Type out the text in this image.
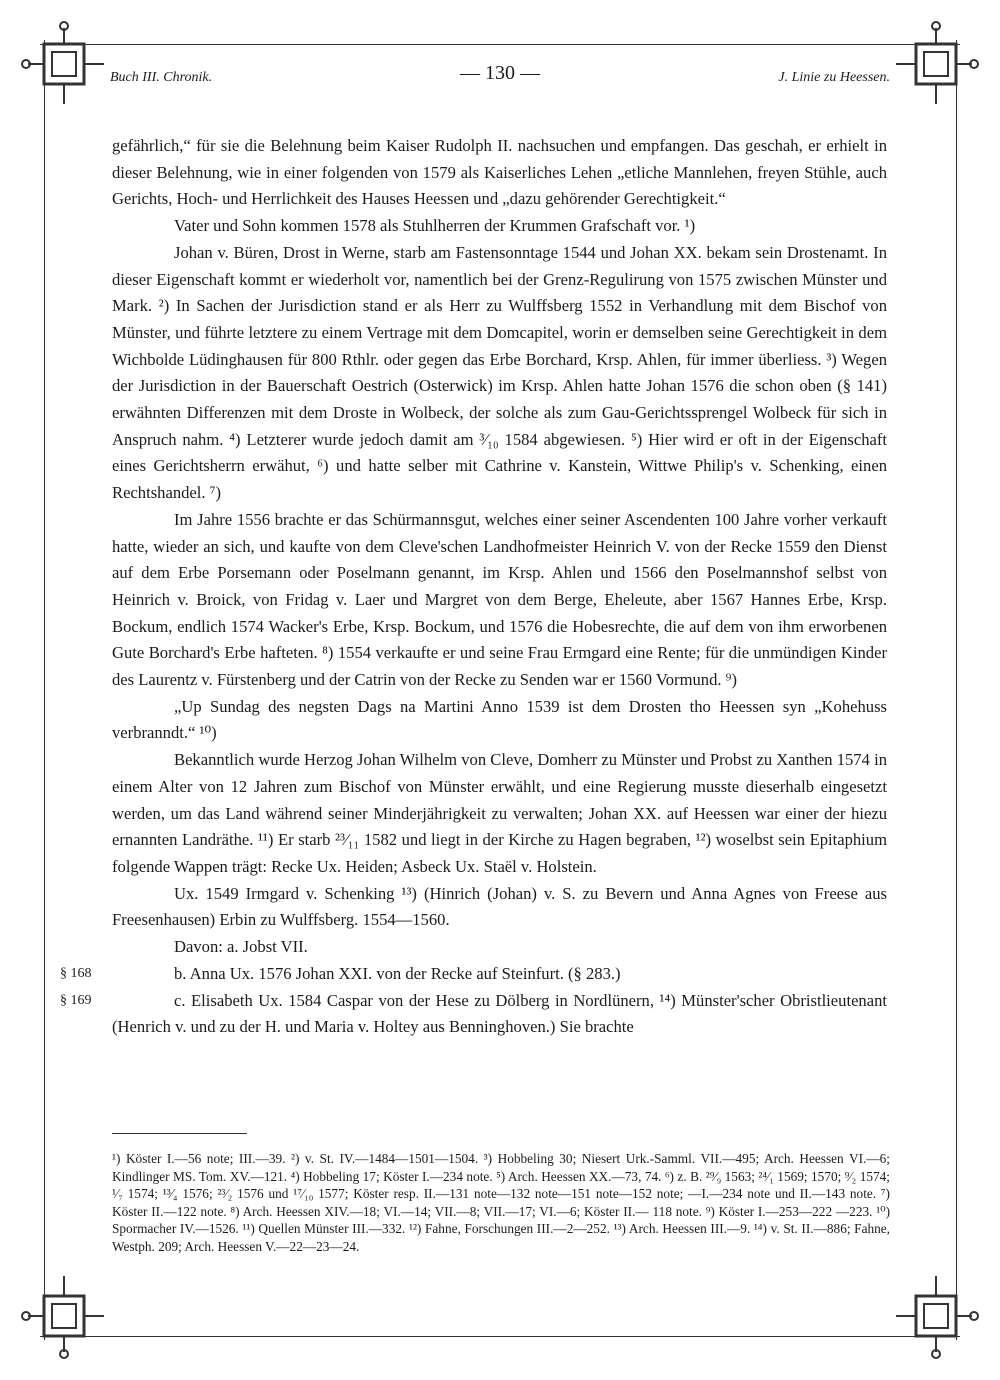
Buch III. Chronik.	— 130 —	J. Linie zu Heessen.

gefährlich,“ für sie die Belehnung beim Kaiser Rudolph II. nachsuchen und empfangen. Das geschah, er erhielt in dieser Belehnung, wie in einer folgenden von 1579 als Kaiserliches Lehen „etliche Mannlehen, freyen Stühle, auch Gerichts, Hoch- und Herrlichkeit des Hauses Heessen und „dazu gehörender Gerechtigkeit.“

Vater und Sohn kommen 1578 als Stuhlherren der Krummen Grafschaft vor. ¹)

Johan v. Büren, Drost in Werne, starb am Fastensonntage 1544 und Johan XX. bekam sein Drostenamt. In dieser Eigenschaft kommt er wiederholt vor, namentlich bei der Grenz-Regulirung von 1575 zwischen Münster und Mark. ²) In Sachen der Jurisdiction stand er als Herr zu Wulffsberg 1552 in Verhandlung mit dem Bischof von Münster, und führte letztere zu einem Vertrage mit dem Domcapitel, worin er demselben seine Gerechtigkeit in dem Wichbolde Lüdinghausen für 800 Rthlr. oder gegen das Erbe Borchard, Krsp. Ahlen, für immer überliess. ³) Wegen der Jurisdiction in der Bauerschaft Oestrich (Osterwick) im Krsp. Ahlen hatte Johan 1576 die schon oben (§ 141) erwähnten Differenzen mit dem Droste in Wolbeck, der solche als zum Gau-Gerichtssprengel Wolbeck für sich in Anspruch nahm. ⁴) Letzterer wurde jedoch damit am ³⁄₁₀ 1584 abgewiesen. ⁵) Hier wird er oft in der Eigenschaft eines Gerichtsherrn erwähut, ⁶) und hatte selber mit Cathrine v. Kanstein, Wittwe Philip's v. Schenking, einen Rechtshandel. ⁷)

Im Jahre 1556 brachte er das Schürmannsgut, welches einer seiner Ascendenten 100 Jahre vorher verkauft hatte, wieder an sich, und kaufte von dem Cleve'schen Landhofmeister Heinrich V. von der Recke 1559 den Dienst auf dem Erbe Porsemann oder Poselmann genannt, im Krsp. Ahlen und 1566 den Poselmannshof selbst von Heinrich v. Broick, von Fridag v. Laer und Margret von dem Berge, Eheleute, aber 1567 Hannes Erbe, Krsp. Bockum, endlich 1574 Wacker's Erbe, Krsp. Bockum, und 1576 die Hobesrechte, die auf dem von ihm erworbenen Gute Borchard's Erbe hafteten. ⁸) 1554 verkaufte er und seine Frau Ermgard eine Rente; für die unmündigen Kinder des Laurentz v. Fürstenberg und der Catrin von der Recke zu Senden war er 1560 Vormund. ⁹)

„Up Sundag des negsten Dags na Martini Anno 1539 ist dem Drosten tho Heessen syn „Kohehuss verbranndt.“ ¹⁰)

Bekanntlich wurde Herzog Johan Wilhelm von Cleve, Domherr zu Münster und Probst zu Xanthen 1574 in einem Alter von 12 Jahren zum Bischof von Münster erwählt, und eine Regierung musste dieserhalb eingesetzt werden, um das Land während seiner Minderjährigkeit zu verwalten; Johan XX. auf Heessen war einer der hiezu ernannten Landräthe. ¹¹) Er starb ²³⁄₁₁ 1582 und liegt in der Kirche zu Hagen begraben, ¹²) woselbst sein Epitaphium folgende Wappen trägt: Recke Ux. Heiden; Asbeck Ux. Staël v. Holstein.

Ux. 1549 Irmgard v. Schenking ¹³) (Hinrich (Johan) v. S. zu Bevern und Anna Agnes von Freese aus Freesenhausen) Erbin zu Wulffsberg. 1554—1560.

Davon: a. Jobst VII.

§ 168	b. Anna Ux. 1576 Johan XXI. von der Recke auf Steinfurt. (§ 283.)

§ 169	c. Elisabeth Ux. 1584 Caspar von der Hese zu Dölberg in Nordlünern, ¹⁴) Münster'scher Obristlieutenant (Henrich v. und zu der H. und Maria v. Holtey aus Benninghoven.) Sie brachte

¹) Köster I.—56 note; III.—39. ²) v. St. IV.—1484—1501—1504. ³) Hobbeling 30; Niesert Urk.-Samml. VII.—495; Arch. Heessen VI.—6; Kindlinger MS. Tom. XV.—121. ⁴) Hobbeling 17; Köster I.—234 note. ⁵) Arch. Heessen XX.—73, 74. ⁶) z. B. ²⁹⁄₉ 1563; ²⁴⁄₁ 1569; 1570; ⁹⁄₂ 1574; ¹⁄₇ 1574; ¹³⁄₄ 1576; ²³⁄₂ 1576 und ¹⁷⁄₁₀ 1577; Köster resp. II.—131 note—132 note—151 note—152 note; —I.—234 note und II.—143 note. ⁷) Köster II.—122 note. ⁸) Arch. Heessen XIV.—18; VI.—14; VII.—8; VII.—17; VI.—6; Köster II.— 118 note. ⁹) Köster I.—253—222 —223. ¹⁰) Spormacher IV.—1526. ¹¹) Quellen Münster III.—332. ¹²) Fahne, Forschungen III.—2—252. ¹³) Arch. Heessen III.—9. ¹⁴) v. St. II.—886; Fahne, Westph. 209; Arch. Heessen V.—22—23—24.
